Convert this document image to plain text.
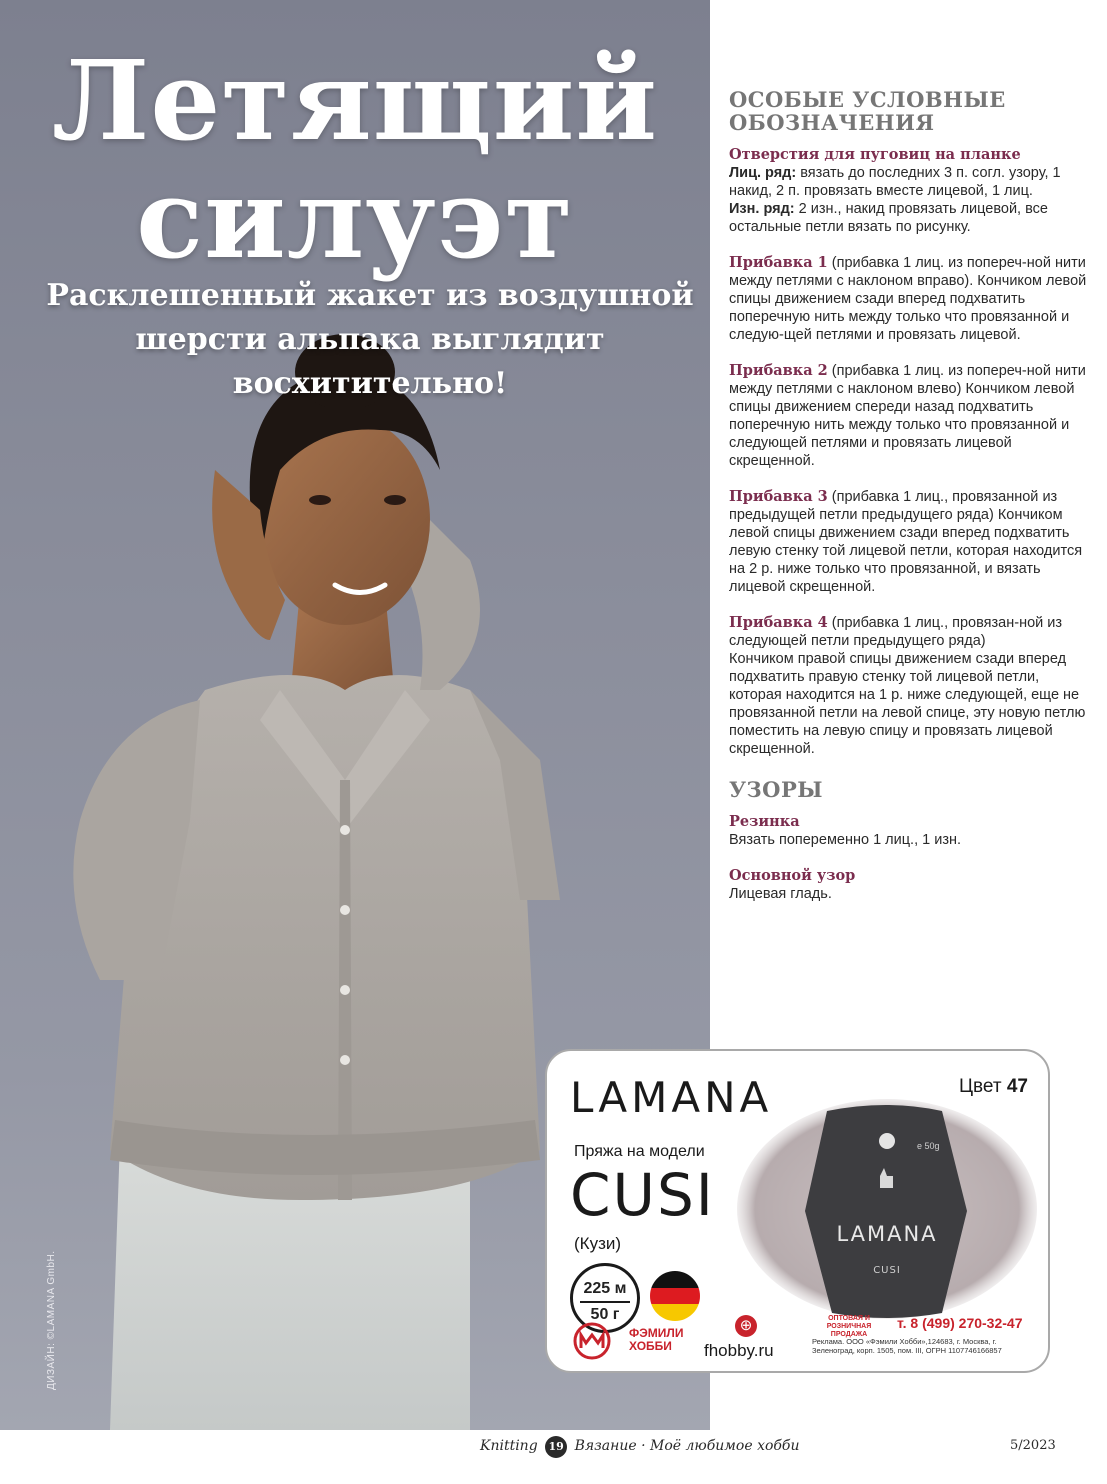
Летящий
силуэт

Расклешенный жакет из воздушной шерсти альпака выглядит восхитительно!

ДИЗАЙН: ©LAMANA GmbH.
ОСОБЫЕ УСЛОВНЫЕ ОБОЗНАЧЕНИЯ
Отверстия для пуговиц на планке
Лиц. ряд: вязать до последних 3 п. согл. узору, 1 накид, 2 п. провязать вместе лицевой, 1 лиц.
Изн. ряд: 2 изн., накид провязать лицевой, все остальные петли вязать по рисунку.
Прибавка 1 (прибавка 1 лиц. из попереч-ной нити между петлями с наклоном вправо). Кончиком левой спицы движением сзади вперед подхватить поперечную нить между только что провязанной и следую-щей петлями и провязать лицевой.
Прибавка 2 (прибавка 1 лиц. из попереч-ной нити между петлями с наклоном влево) Кончиком левой спицы движением спереди назад подхватить поперечную нить между только что провязанной и следующей петлями и провязать лицевой скрещенной.
Прибавка 3 (прибавка 1 лиц., провязанной из предыдущей петли предыдущего ряда) Кончиком левой спицы движением сзади вперед подхватить левую стенку той лицевой петли, которая находится на 2 р. ниже только что провязанной, и вязать лицевой скрещенной.
Прибавка 4 (прибавка 1 лиц., провязан-ной из следующей петли предыдущего ряда)
Кончиком правой спицы движением сзади вперед подхватить правую стенку той лицевой петли, которая находится на 1 р. ниже следующей, еще не провязанной петли на левой спице, эту новую петлю поместить на левую спицу и провязать лицевой скрещенной.
УЗОРЫ
Резинка
Вязать попеременно 1 лиц., 1 изн.
Основной узор
Лицевая гладь.
LAMANA	Цвет 47
Пряжа на модели
CUSI
(Кузи)
225 м
50 г
e 50g
LAMANA
CUSI
ФЭМИЛИ
ХОББИ
⊕
fhobby.ru
ОПТОВАЯ И РОЗНИЧНАЯ ПРОДАЖА
т. 8 (499) 270-32-47
Реклама. ООО «Фэмили Хобби»,124683, г. Москва, г. Зеленоград, корп. 1505, пом. III, ОГРН 1107746166857
Knitting 19 Вязание · Моё любимое хобби	5/2023
